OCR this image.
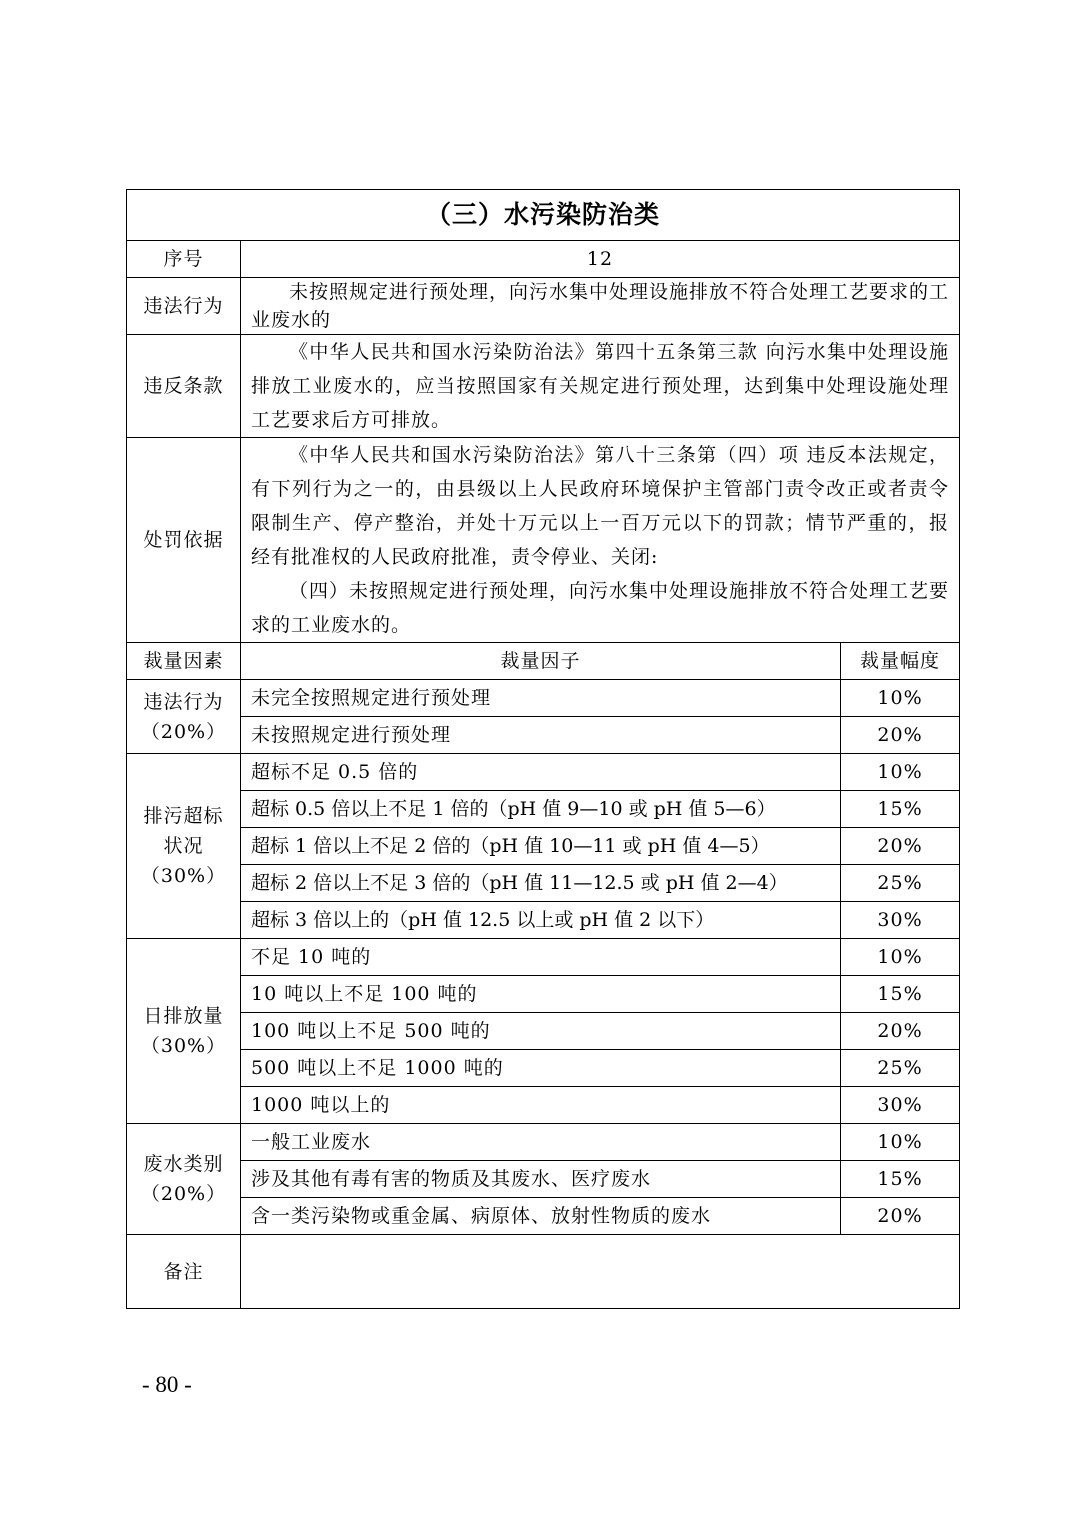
（三）水污染防治类		
序号	12	
违法行为	未按照规定进行预处理，向污水集中处理设施排放不符合处理工艺要求的工业废水的	

违反条款	《中华人民共和国水污染防治法》第四十五条第三款 向污水集中处理设施排放工业废水的，应当按照国家有关规定进行预处理，达到集中处理设施处理工艺要求后方可排放。	

处罚依据	《中华人民共和国水污染防治法》第八十三条第（四）项 违反本法规定，有下列行为之一的，由县级以上人民政府环境保护主管部门责令改正或者责令限制生产、停产整治，并处十万元以上一百万元以下的罚款；情节严重的，报经有批准权的人民政府批准，责令停业、关闭:

（四）未按照规定进行预处理，向污水集中处理设施排放不符合处理工艺要求的工业废水的。	

裁量因素	裁量因子	裁量幅度

违法行为
（20%）	未完全按照规定进行预处理	10%
	未按照规定进行预处理	20%

排污超标
状况
（30%）	超标不足 0.5 倍的	10%
	超标 0.5 倍以上不足 1 倍的（pH 值 9—10 或 pH 值 5—6）	15%
	超标 1 倍以上不足 2 倍的（pH 值 10—11 或 pH 值 4—5）	20%
	超标 2 倍以上不足 3 倍的（pH 值 11—12.5 或 pH 值 2—4）	25%
	超标 3 倍以上的（pH 值 12.5 以上或 pH 值 2 以下）	30%

日排放量
（30%）	不足 10 吨的	10%
	10 吨以上不足 100 吨的	15%
	100 吨以上不足 500 吨的	20%
	500 吨以上不足 1000 吨的	25%
	1000 吨以上的	30%

废水类别
（20%）	一般工业废水	10%
	涉及其他有毒有害的物质及其废水、医疗废水	15%
	含一类污染物或重金属、病原体、放射性物质的废水	20%
备注		
- 80 -
